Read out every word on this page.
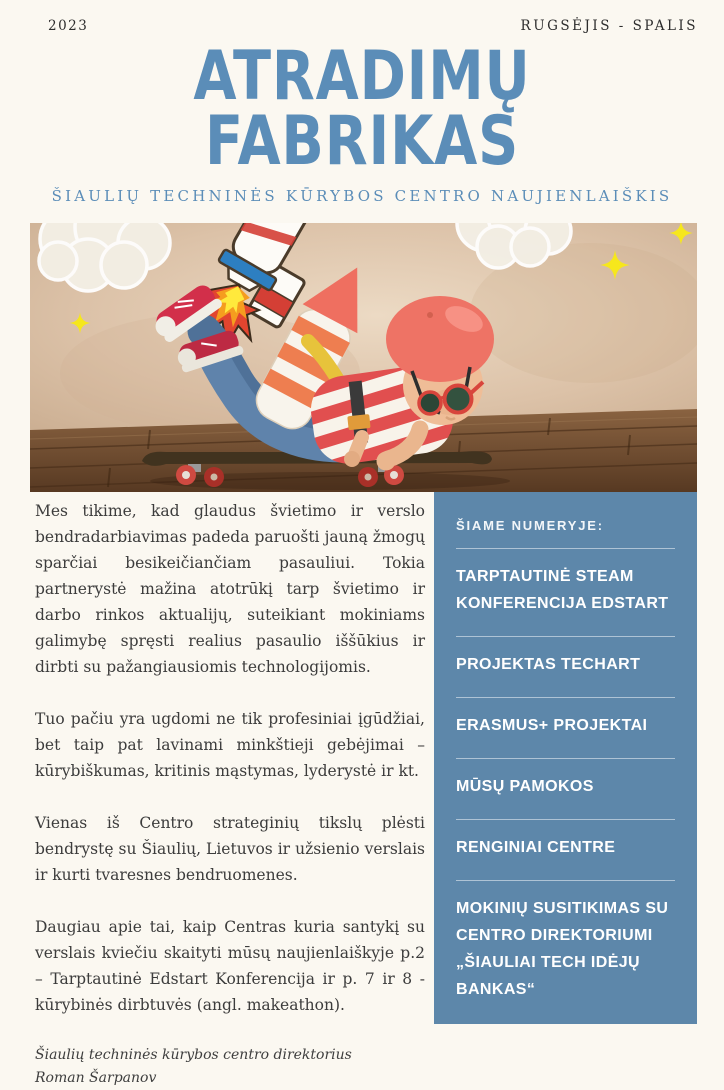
2023	RUGSĖJIS - SPALIS
ATRADIMŲ
FABRIKAS
ŠIAULIŲ TECHNINĖS KŪRYBOS CENTRO NAUJIENLAIŠKIS

Mes tikime, kad glaudus švietimo ir verslo bendradarbiavimas padeda paruošti jauną žmogų sparčiai besikeičiančiam pasauliui. Tokia partnerystė mažina atotrūkį tarp švietimo ir darbo rinkos aktualijų, suteikiant mokiniams galimybę spręsti realius pasaulio iššūkius ir dirbti su pažangiausiomis technologijomis.

Tuo pačiu yra ugdomi ne tik profesiniai įgūdžiai, bet taip pat lavinami minkštieji gebėjimai – kūrybiškumas, kritinis mąstymas, lyderystė ir kt.

Vienas iš Centro strateginių tikslų plėsti bendrystę su Šiaulių, Lietuvos ir užsienio verslais ir kurti tvaresnes bendruomenes.

Daugiau apie tai, kaip Centras kuria santykį su verslais kviečiu skaityti mūsų naujienlaiškyje p.2 – Tarptautinė Edstart Konferencija ir p. 7 ir 8 - kūrybinės dirbtuvės (angl. makeathon).

Šiaulių techninės kūrybos centro direktorius
Roman Šarpanov
ŠIAME NUMERYJE:
TARPTAUTINĖ STEAM KONFERENCIJA EDSTART
PROJEKTAS TECHART
ERASMUS+ PROJEKTAI
MŪSŲ PAMOKOS
RENGINIAI CENTRE
MOKINIŲ SUSITIKIMAS SU CENTRO DIREKTORIUMI „ŠIAULIAI TECH IDĖJŲ BANKAS“
